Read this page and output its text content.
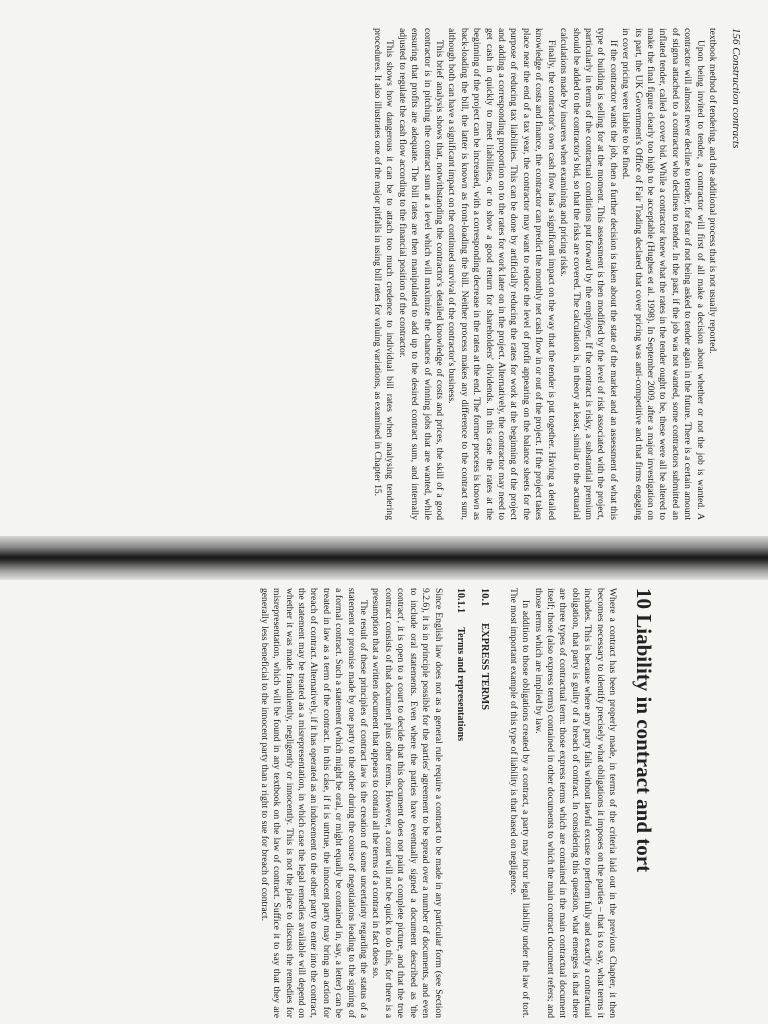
156 Construction contracts

textbook method of tendering, and the additional process that is not usually reported.

Upon being invited to tender, a contractor will first of all make a decision about whether or not the job is wanted. A contractor will almost never decline to tender, for fear of not being asked to tender again in the future. There is a certain amount of stigma attached to a contractor who declines to tender. In the past, if the job was not wanted, some contractors submitted an inflated tender, called a cover bid. While a contractor knew what the rates in the tender ought to be, these were all be altered to make the final figure clearly too high to be acceptable (Hughes et al. 1998). In September 2009, after a major investigation on its part, the UK Government's Office of Fair Trading declared that cover pricing was anti-competitive and that firms engaging in cover pricing were liable to be fined.

If the contractor wants the job, then a further decision is taken about the state of the market and an assessment of what this type of building is selling for at the moment. This assessment is then modified by the level of risk associated with the project, particularly in terms of the contractual conditions put forward by the employer. If the contract is risky, a substantial premium should be added to the contractor's bid, so that the risks are covered. The calculation is, in theory at least, similar to the actuarial calculations made by insurers when examining and pricing risks.

Finally, the contractor's own cash flow has a significant impact on the way that the tender is put together. Having a detailed knowledge of costs and finance, the contractor can predict the monthly net cash flow in or out of the project. If the project takes place near the end of a tax year, the contractor may want to reduce the level of profit appearing on the balance sheets for the purpose of reducing tax liabilities. This can be done by artificially reducing the rates for work at the beginning of the project and adding a corresponding proportion on to the rates for work later on in the project. Alternatively, the contractor may need to get cash in quickly to meet liabilities, or to show a good return for shareholders' dividends. In this case the rates at the beginning of the project can be increased, with a corresponding decrease in the rates at the end. The former process is known as back-loading the bill, the latter is known as front-loading the bill. Neither process makes any difference to the contract sum, although both can have a significant impact on the continued survival of the contractor's business.

This brief analysis shows that, notwithstanding the contractor's detailed knowledge of costs and prices, the skill of a good contractor is in pitching the contract sum at a level which will maximize the chances of winning jobs that are wanted, while ensuring that profits are adequate. The bill rates are then manipulated to add up to the desired contract sum, and internally adjusted to regulate the cash flow according to the financial position of the contractor.

This shows how dangerous it can be to attach too much credence to individual bill rates when analysing tendering procedures. It also illustrates one of the major pitfalls in using bill rates for valuing variations, as examined in Chapter 15.

10 Liability in contract and tort

Where a contract has been properly made, in terms of the criteria laid out in the previous Chapter, it then becomes necessary to identify precisely what obligations it imposes on the parties – that is to say, what terms it includes. This is because where any party fails without lawful excuse to perform fully and exactly a contractual obligation, that party is guilty of a breach of contract. In considering this question, what emerges is that there are three types of contractual term: those express terms which are contained in the main contractual document itself; those (also express terms) contained in other documents to which the main contract document refers; and those terms which are implied by law.

In addition to those obligations created by a contract, a party may incur legal liability under the law of tort. The most important example of this type of liability is that based on negligence.

10.1 EXPRESS TERMS
10.1.1 Terms and representations

Since English law does not as a general rule require a contract to be made in any particular form (see Section 9.2.6), it is in principle possible for the parties' agreement to be spread over a number of documents, and even to include oral statements. Even where the parties have eventually signed a document described as 'the contract', it is open to a court to decide that this document does not paint a complete picture, and that the true contract consists of that document plus other terms. However, a court will not be quick to do this, for there is a presumption that a written document that appears to contain all the terms of a contract in fact does so.

The result of these principles of contract law is the creation of some uncertainty regarding the status of a statement or promise made by one party to the other during the course of negotiations leading to the signing of a formal contract. Such a statement (which might be oral, or might equally be contained in, say, a letter) can be treated in law as a term of the contract. In this case, if it is untrue, the innocent party may bring an action for breach of contract. Alternatively, if it has operated as an inducement to the other party to enter into the contract, the statement may be treated as a misrepresentation, in which case the legal remedies available will depend on whether it was made fraudulently, negligently or innocently. This is not the place to discuss the remedies for misrepresentation, which will be found in any textbook on the law of contract. Suffice it to say that they are generally less beneficial to the innocent party than a right to sue for breach of contract.
